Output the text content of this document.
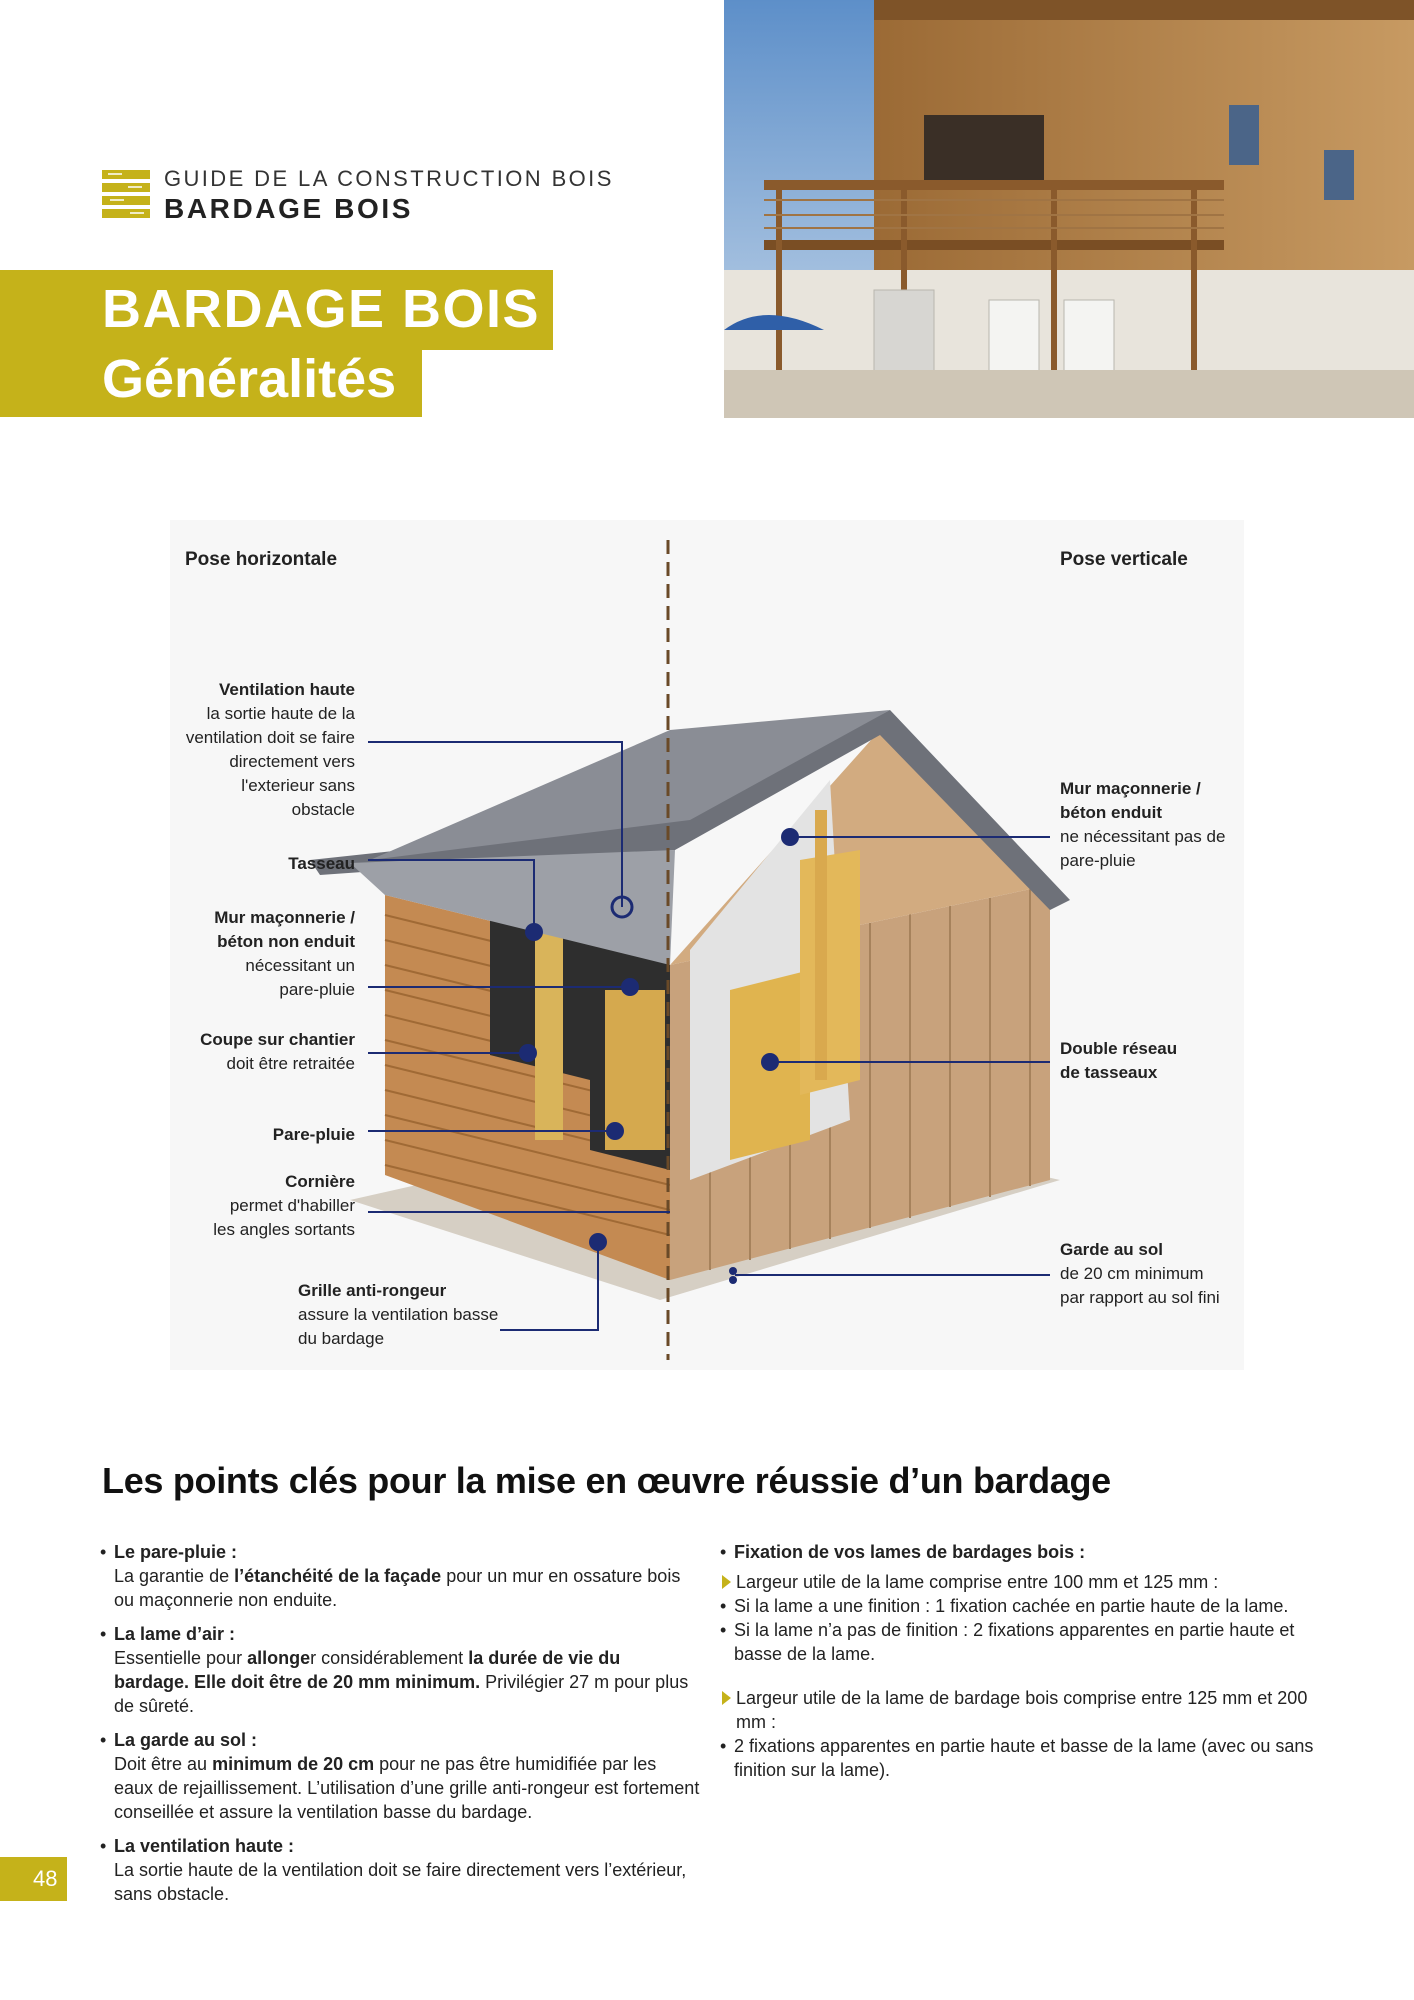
GUIDE DE LA CONSTRUCTION BOIS
BARDAGE BOIS
BARDAGE BOIS
Généralités
Pose horizontale	Pose verticale
Ventilation haute
la sortie haute de la
ventilation doit se faire
directement vers
l'exterieur sans
obstacle
Tasseau
Mur maçonnerie /
béton non enduit
nécessitant un
pare-pluie
Coupe sur chantier
doit être retraitée
Pare-pluie
Cornière
permet d'habiller
les angles sortants
Grille anti-rongeur
assure la ventilation basse
du bardage
Mur maçonnerie /
béton enduit
ne nécessitant pas de
pare-pluie
Double réseau
de tasseaux
Garde au sol
de 20 cm minimum
par rapport au sol fini
Les points clés pour la mise en œuvre réussie d’un bardage
• Le pare-pluie :
La garantie de l’étanchéité de la façade pour un mur en ossature bois ou maçonnerie non enduite.
• La lame d’air :
Essentielle pour allonger considérablement la durée de vie du bardage. Elle doit être de 20 mm minimum. Privilégier 27 m pour plus de sûreté.
• La garde au sol :
Doit être au minimum de 20 cm pour ne pas être humidifiée par les eaux de rejaillissement. L’utilisation d’une grille anti-rongeur est fortement conseillée et assure la ventilation basse du bardage.
• La ventilation haute :
La sortie haute de la ventilation doit se faire directement vers l’extérieur, sans obstacle.
• Fixation de vos lames de bardages bois :
Largeur utile de la lame comprise entre 100 mm et 125 mm :
• Si la lame a une finition : 1 fixation cachée en partie haute de la lame.
• Si la lame n’a pas de finition : 2 fixations apparentes en partie haute et basse de la lame.
Largeur utile de la lame de bardage bois comprise entre 125 mm et 200 mm :
• 2 fixations apparentes en partie haute et basse de la lame (avec ou sans finition sur la lame).
48
